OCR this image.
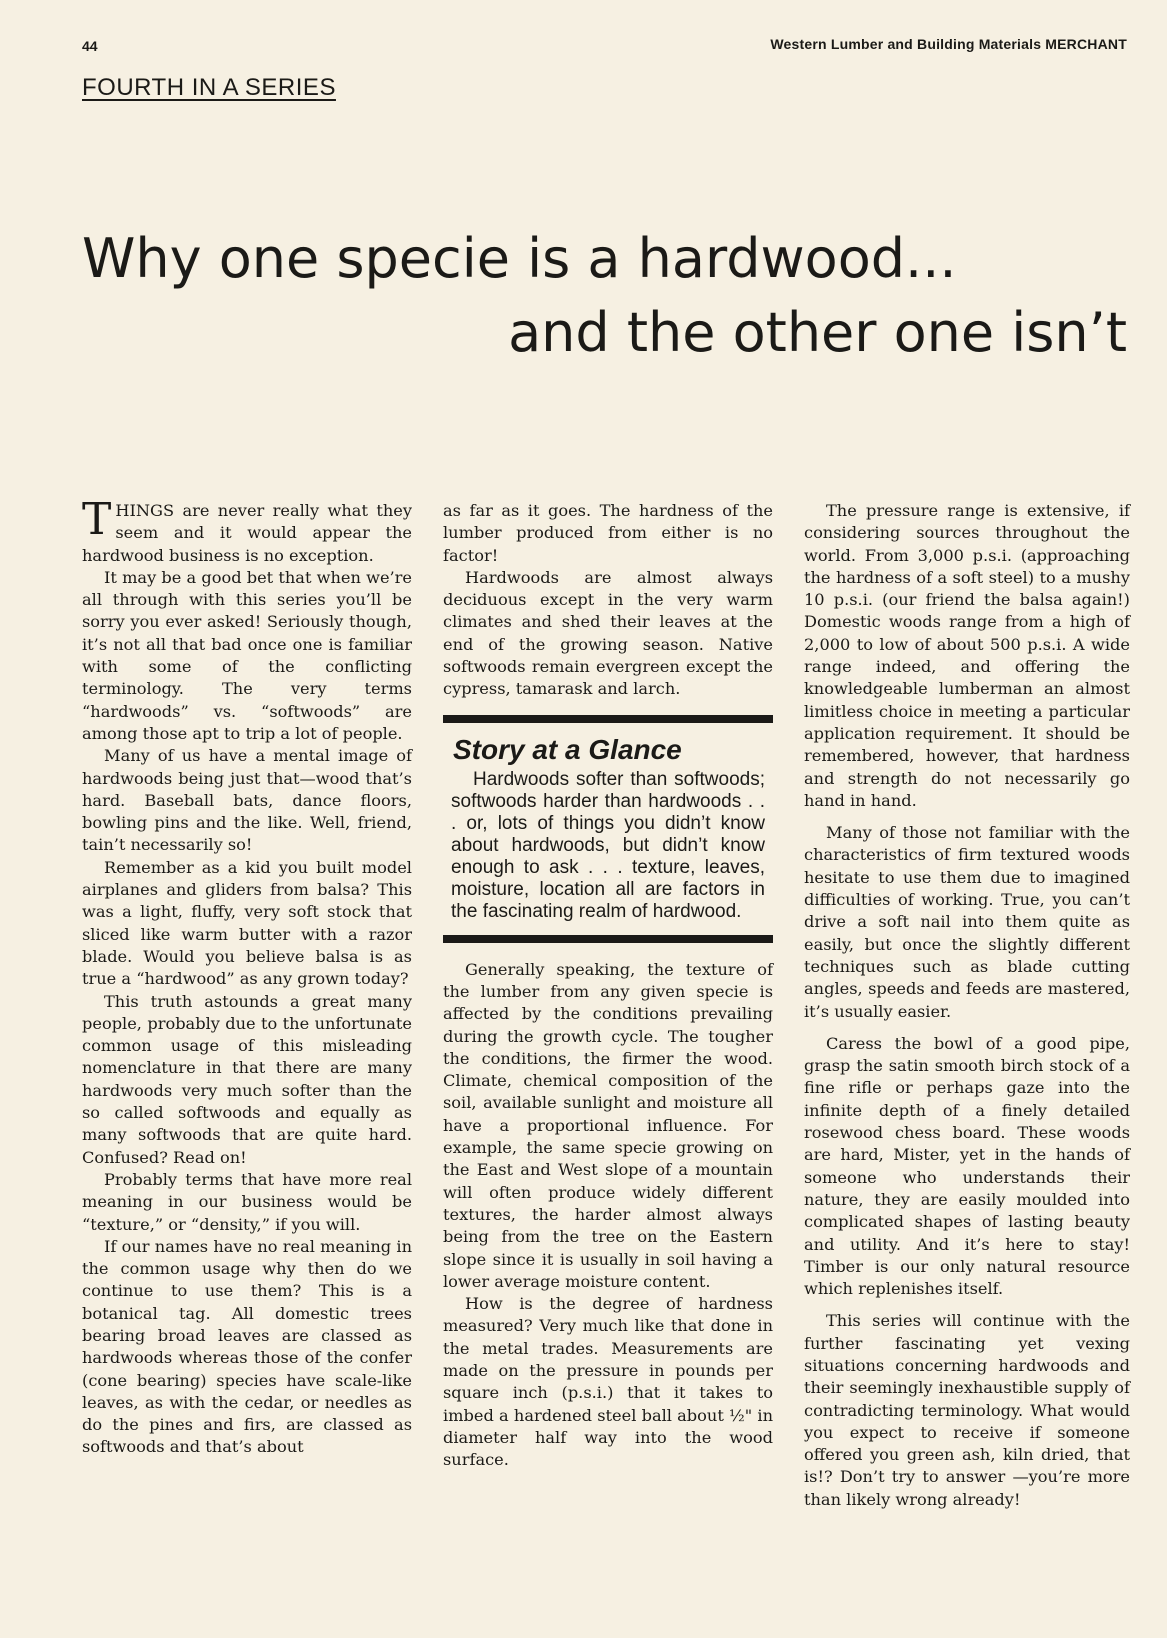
44	Western Lumber and Building Materials MERCHANT
FOURTH IN A SERIES
Why one specie is a hardwood...
and the other one isn’t

THINGS are never really what they seem and it would appear the hardwood business is no exception.

It may be a good bet that when we’re all through with this series you’ll be sorry you ever asked! Seriously though, it’s not all that bad once one is familiar with some of the conflicting terminology. The very terms “hardwoods” vs. “softwoods” are among those apt to trip a lot of people.

Many of us have a mental image of hardwoods being just that—wood that’s hard. Baseball bats, dance floors, bowling pins and the like. Well, friend, tain’t necessarily so!

Remember as a kid you built model airplanes and gliders from balsa? This was a light, fluffy, very soft stock that sliced like warm butter with a razor blade. Would you believe balsa is as true a “hardwood” as any grown today?

This truth astounds a great many people, probably due to the unfortunate common usage of this misleading nomenclature in that there are many hardwoods very much softer than the so called softwoods and equally as many softwoods that are quite hard. Confused? Read on!

Probably terms that have more real meaning in our business would be “texture,” or “density,” if you will.

If our names have no real meaning in the common usage why then do we continue to use them? This is a botanical tag. All domestic trees bearing broad leaves are classed as hardwoods whereas those of the confer (cone bearing) species have scale-like leaves, as with the cedar, or needles as do the pines and firs, are classed as softwoods and that’s about

as far as it goes. The hardness of the lumber produced from either is no factor!

Hardwoods are almost always deciduous except in the very warm climates and shed their leaves at the end of the growing season. Native softwoods remain evergreen except the cypress, tamarask and larch.

Story at a Glance

Hardwoods softer than softwoods; softwoods harder than hardwoods . . . or, lots of things you didn’t know about hardwoods, but didn’t know enough to ask . . . texture, leaves, moisture, location all are factors in the fascinating realm of hardwood.

Generally speaking, the texture of the lumber from any given specie is affected by the conditions prevailing during the growth cycle. The tougher the conditions, the firmer the wood. Climate, chemical composition of the soil, available sunlight and moisture all have a proportional influence. For example, the same specie growing on the East and West slope of a mountain will often produce widely different textures, the harder almost always being from the tree on the Eastern slope since it is usually in soil having a lower average moisture content.

How is the degree of hardness measured? Very much like that done in the metal trades. Measurements are made on the pressure in pounds per square inch (p.s.i.) that it takes to imbed a hardened steel ball about ½" in diameter half way into the wood surface.

The pressure range is extensive, if considering sources throughout the world. From 3,000 p.s.i. (approaching the hardness of a soft steel) to a mushy 10 p.s.i. (our friend the balsa again!) Domestic woods range from a high of 2,000 to low of about 500 p.s.i. A wide range indeed, and offering the knowledgeable lumberman an almost limitless choice in meeting a particular application requirement. It should be remembered, however, that hardness and strength do not necessarily go hand in hand.

Many of those not familiar with the characteristics of firm textured woods hesitate to use them due to imagined difficulties of working. True, you can’t drive a soft nail into them quite as easily, but once the slightly different techniques such as blade cutting angles, speeds and feeds are mastered, it’s usually easier.

Caress the bowl of a good pipe, grasp the satin smooth birch stock of a fine rifle or perhaps gaze into the infinite depth of a finely detailed rosewood chess board. These woods are hard, Mister, yet in the hands of someone who understands their nature, they are easily moulded into complicated shapes of lasting beauty and utility. And it’s here to stay! Timber is our only natural resource which replenishes itself.

This series will continue with the further fascinating yet vexing situations concerning hardwoods and their seemingly inexhaustible supply of contradicting terminology. What would you expect to receive if someone offered you green ash, kiln dried, that is!? Don’t try to answer —you’re more than likely wrong already!
